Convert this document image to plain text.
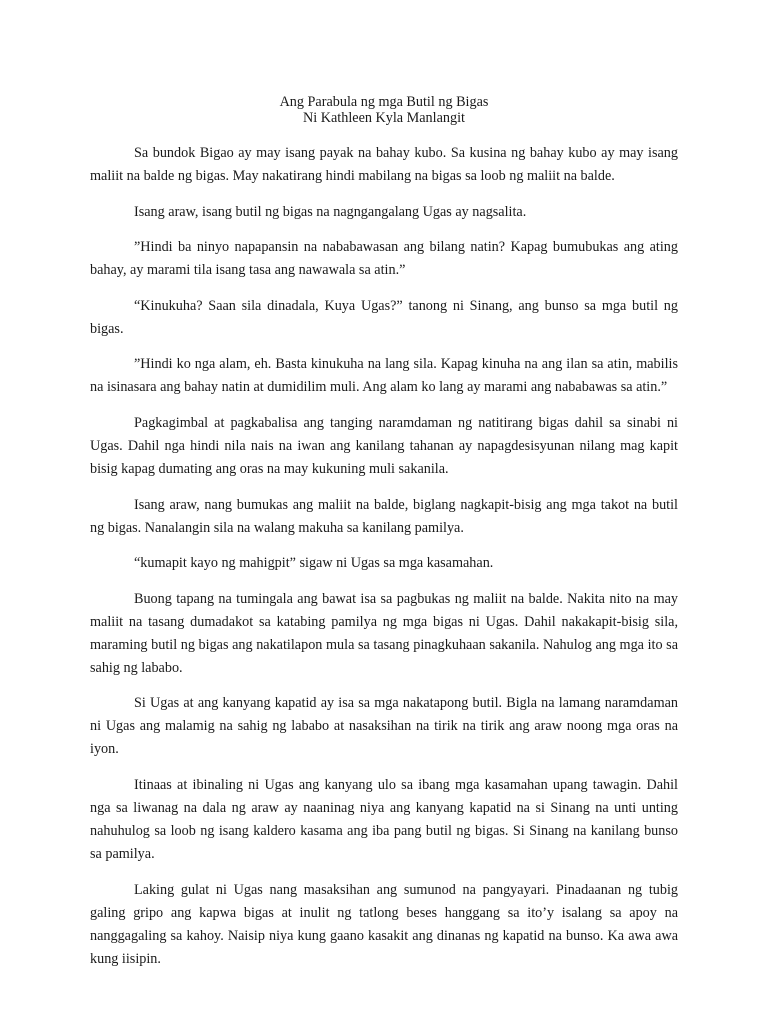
Ang Parabula ng mga Butil ng Bigas
Ni Kathleen Kyla Manlangit

Sa bundok Bigao ay may isang payak na bahay kubo. Sa kusina ng bahay kubo ay may isang maliit na balde ng bigas. May nakatirang hindi mabilang na bigas sa loob ng maliit na balde.

Isang araw, isang butil ng bigas na nagngangalang Ugas ay nagsalita.

”Hindi ba ninyo napapansin na nababawasan ang bilang natin? Kapag bumubukas ang ating bahay, ay marami tila isang tasa ang nawawala sa atin.”

“Kinukuha? Saan sila dinadala, Kuya Ugas?” tanong ni Sinang, ang bunso sa mga butil ng bigas.

”Hindi ko nga alam, eh. Basta kinukuha na lang sila. Kapag kinuha na ang ilan sa atin, mabilis na isinasara ang bahay natin at dumidilim muli. Ang alam ko lang ay marami ang nababawas sa atin.”

Pagkagimbal at pagkabalisa ang tanging naramdaman ng natitirang bigas dahil sa sinabi ni Ugas. Dahil nga hindi nila nais na iwan ang kanilang tahanan ay napagdesisyunan nilang mag kapit bisig kapag dumating ang oras na may kukuning muli sakanila.

Isang araw, nang bumukas ang maliit na balde, biglang nagkapit-bisig ang mga takot na butil ng bigas. Nanalangin sila na walang makuha sa kanilang pamilya.

“kumapit kayo ng mahigpit” sigaw ni Ugas sa mga kasamahan.

Buong tapang na tumingala ang bawat isa sa pagbukas ng maliit na balde. Nakita nito na may maliit na tasang dumadakot sa katabing pamilya ng mga bigas ni Ugas. Dahil nakakapit-bisig sila, maraming butil ng bigas ang nakatilapon mula sa tasang pinagkuhaan sakanila. Nahulog ang mga ito sa sahig ng lababo.

Si Ugas at ang kanyang kapatid ay isa sa mga nakatapong butil. Bigla na lamang naramdaman ni Ugas ang malamig na sahig ng lababo at nasaksihan na tirik na tirik ang araw noong mga oras na iyon.

Itinaas at ibinaling ni Ugas ang kanyang ulo sa ibang mga kasamahan upang tawagin. Dahil nga sa liwanag na dala ng araw ay naaninag niya ang kanyang kapatid na si Sinang na unti unting nahuhulog sa loob ng isang kaldero kasama ang iba pang butil ng bigas. Si Sinang na kanilang bunso sa pamilya.

Laking gulat ni Ugas nang masaksihan ang sumunod na pangyayari. Pinadaanan ng tubig galing gripo ang kapwa bigas at inulit ng tatlong beses hanggang sa ito’y isalang sa apoy na nanggagaling sa kahoy. Naisip niya kung gaano kasakit ang dinanas ng kapatid na bunso. Ka awa awa kung iisipin.
